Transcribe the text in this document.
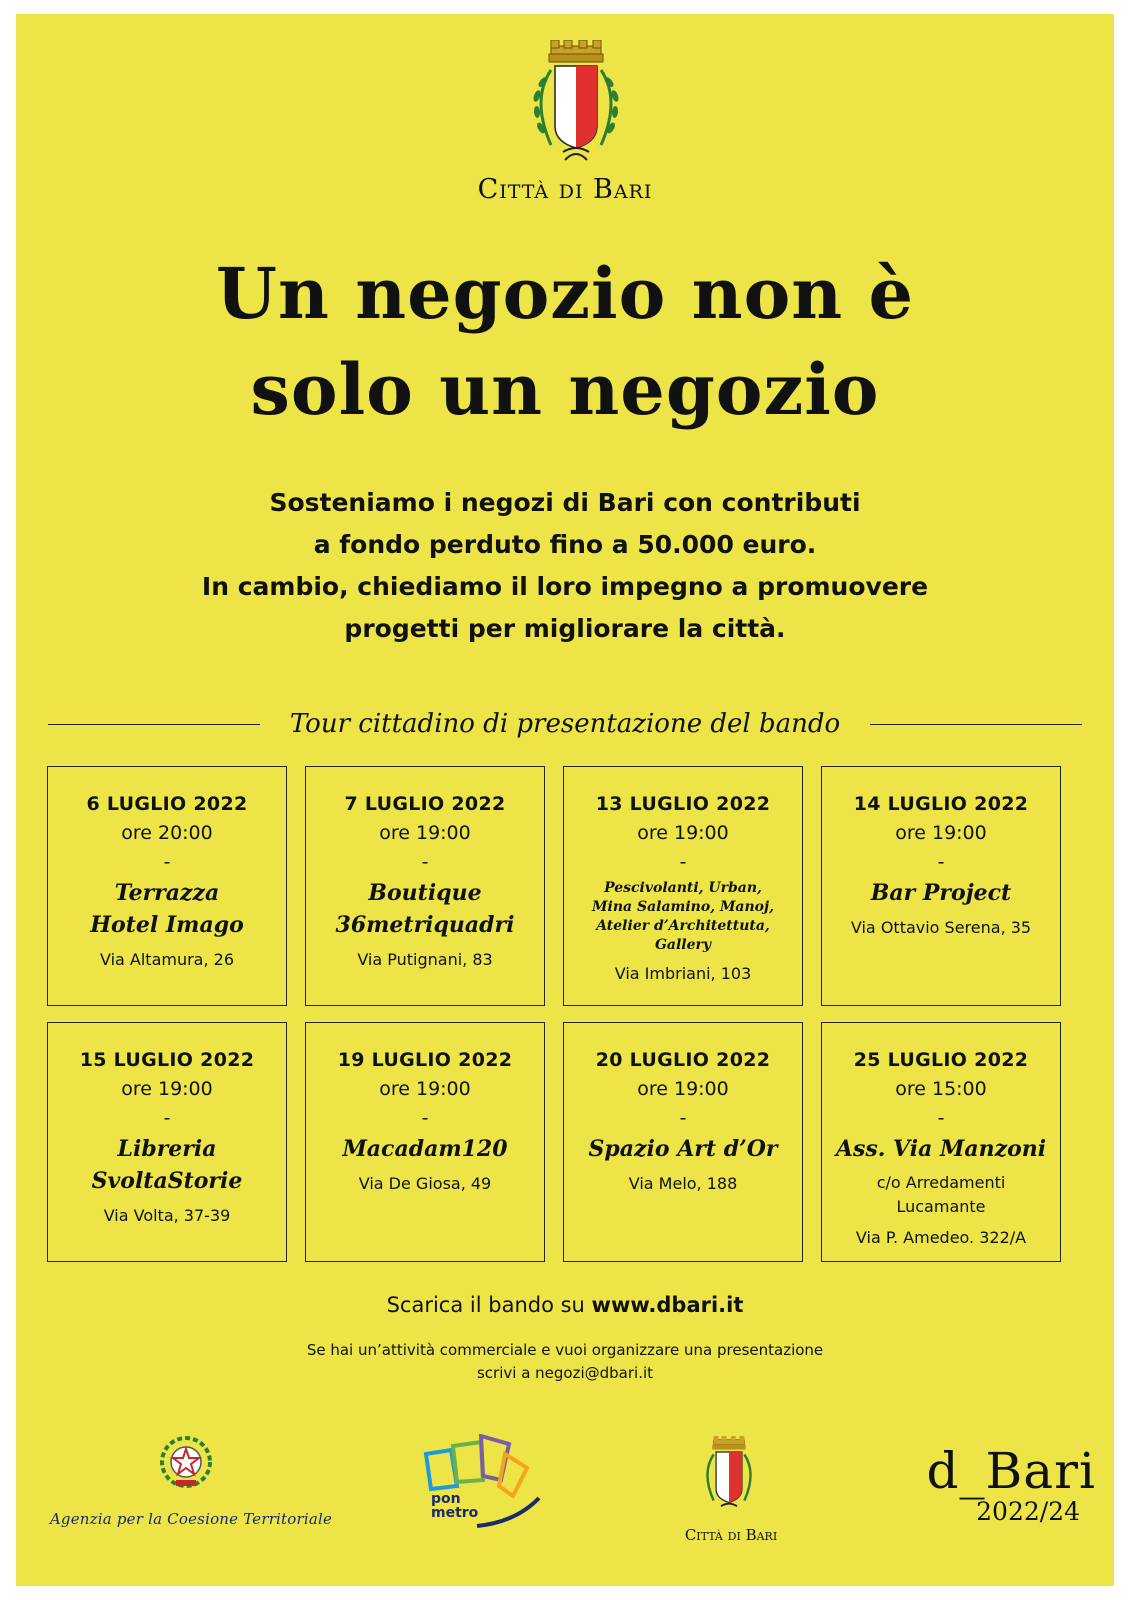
Città di Bari
Un negozio non è
solo un negozio
Sosteniamo i negozi di Bari con contributi
a fondo perduto fino a 50.000 euro.
In cambio, chiediamo il loro impegno a promuovere
progetti per migliorare la città.
Tour cittadino di presentazione del bando
6 LUGLIO 2022
ore 20:00
-
Terrazza
Hotel Imago
Via Altamura, 26
7 LUGLIO 2022
ore 19:00
-
Boutique
36metriquadri
Via Putignani, 83
13 LUGLIO 2022
ore 19:00
-
Pescivolanti, Urban,
Mina Salamino, Manoj,
Atelier d’Architettuta,
Gallery
Via Imbriani, 103
14 LUGLIO 2022
ore 19:00
-
Bar Project
Via Ottavio Serena, 35
15 LUGLIO 2022
ore 19:00
-
Libreria
SvoltaStorie
Via Volta, 37-39
19 LUGLIO 2022
ore 19:00
-
Macadam120
Via De Giosa, 49
20 LUGLIO 2022
ore 19:00
-
Spazio Art d’Or
Via Melo, 188
25 LUGLIO 2022
ore 15:00
-
Ass. Via Manzoni
c/o Arredamenti
Lucamante
Via P. Amedeo. 322/A
Scarica il bando su www.dbari.it
Se hai un’attività commerciale e vuoi organizzare una presentazione
scrivi a negozi@dbari.it
Agenzia per la Coesione Territoriale
pon
metro
Città di Bari
d_Bari
2022/24
